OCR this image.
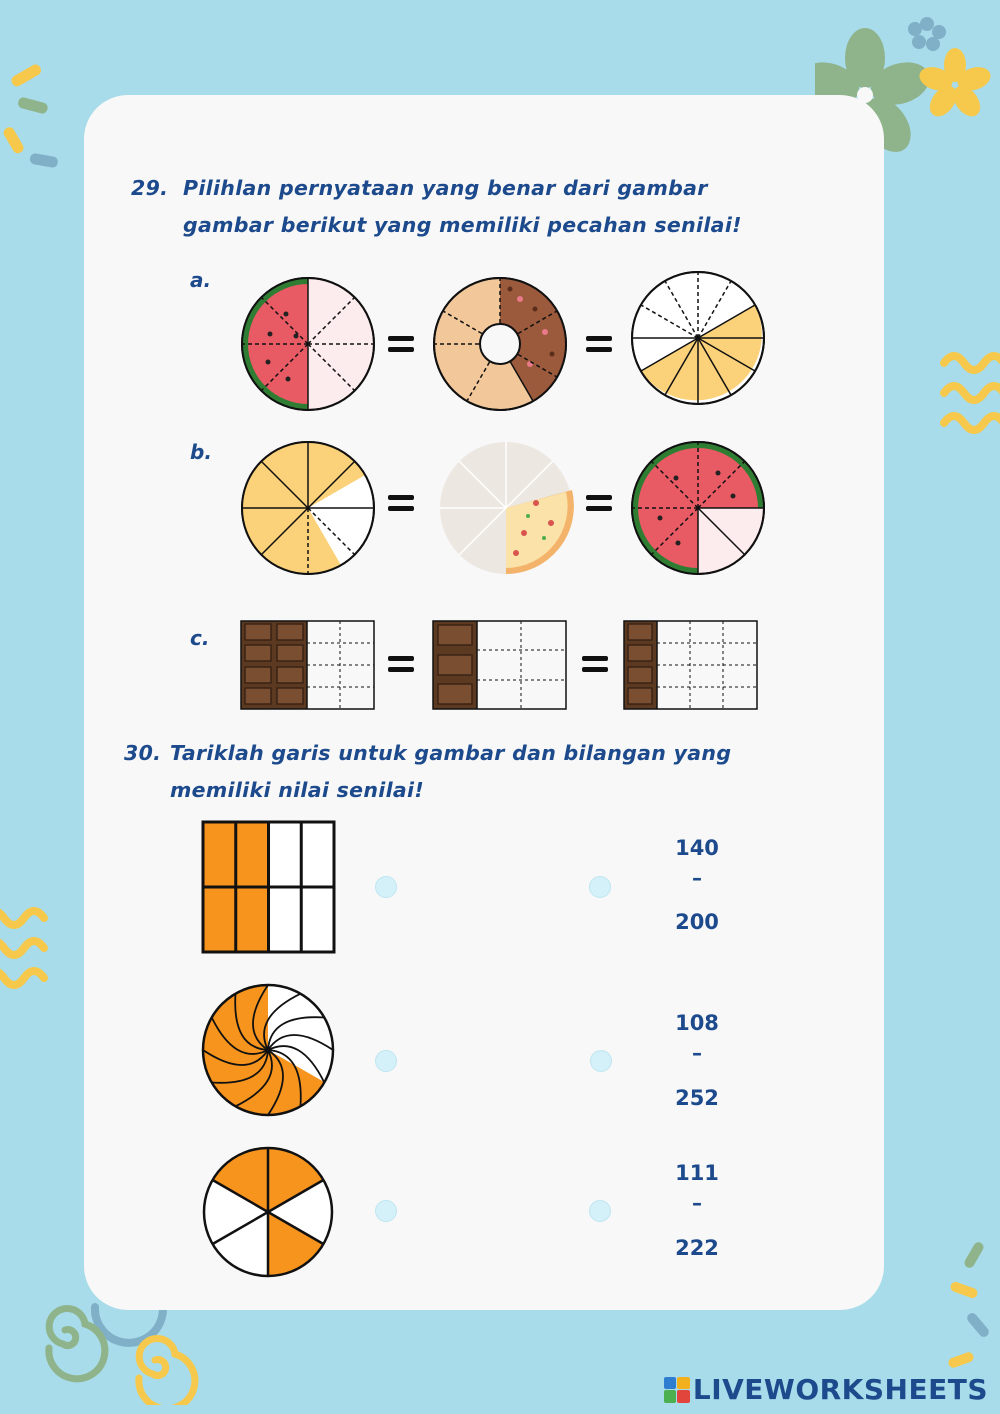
29. Pilihlan pernyataan yang benar dari gambar
gambar berikut yang memiliki pecahan senilai!
a.
b.
c.
30. Tariklah garis untuk gambar dan bilangan yang
memiliki nilai senilai!
140
–
200
108
–
252
111
–
222
LIVEWORKSHEETS
